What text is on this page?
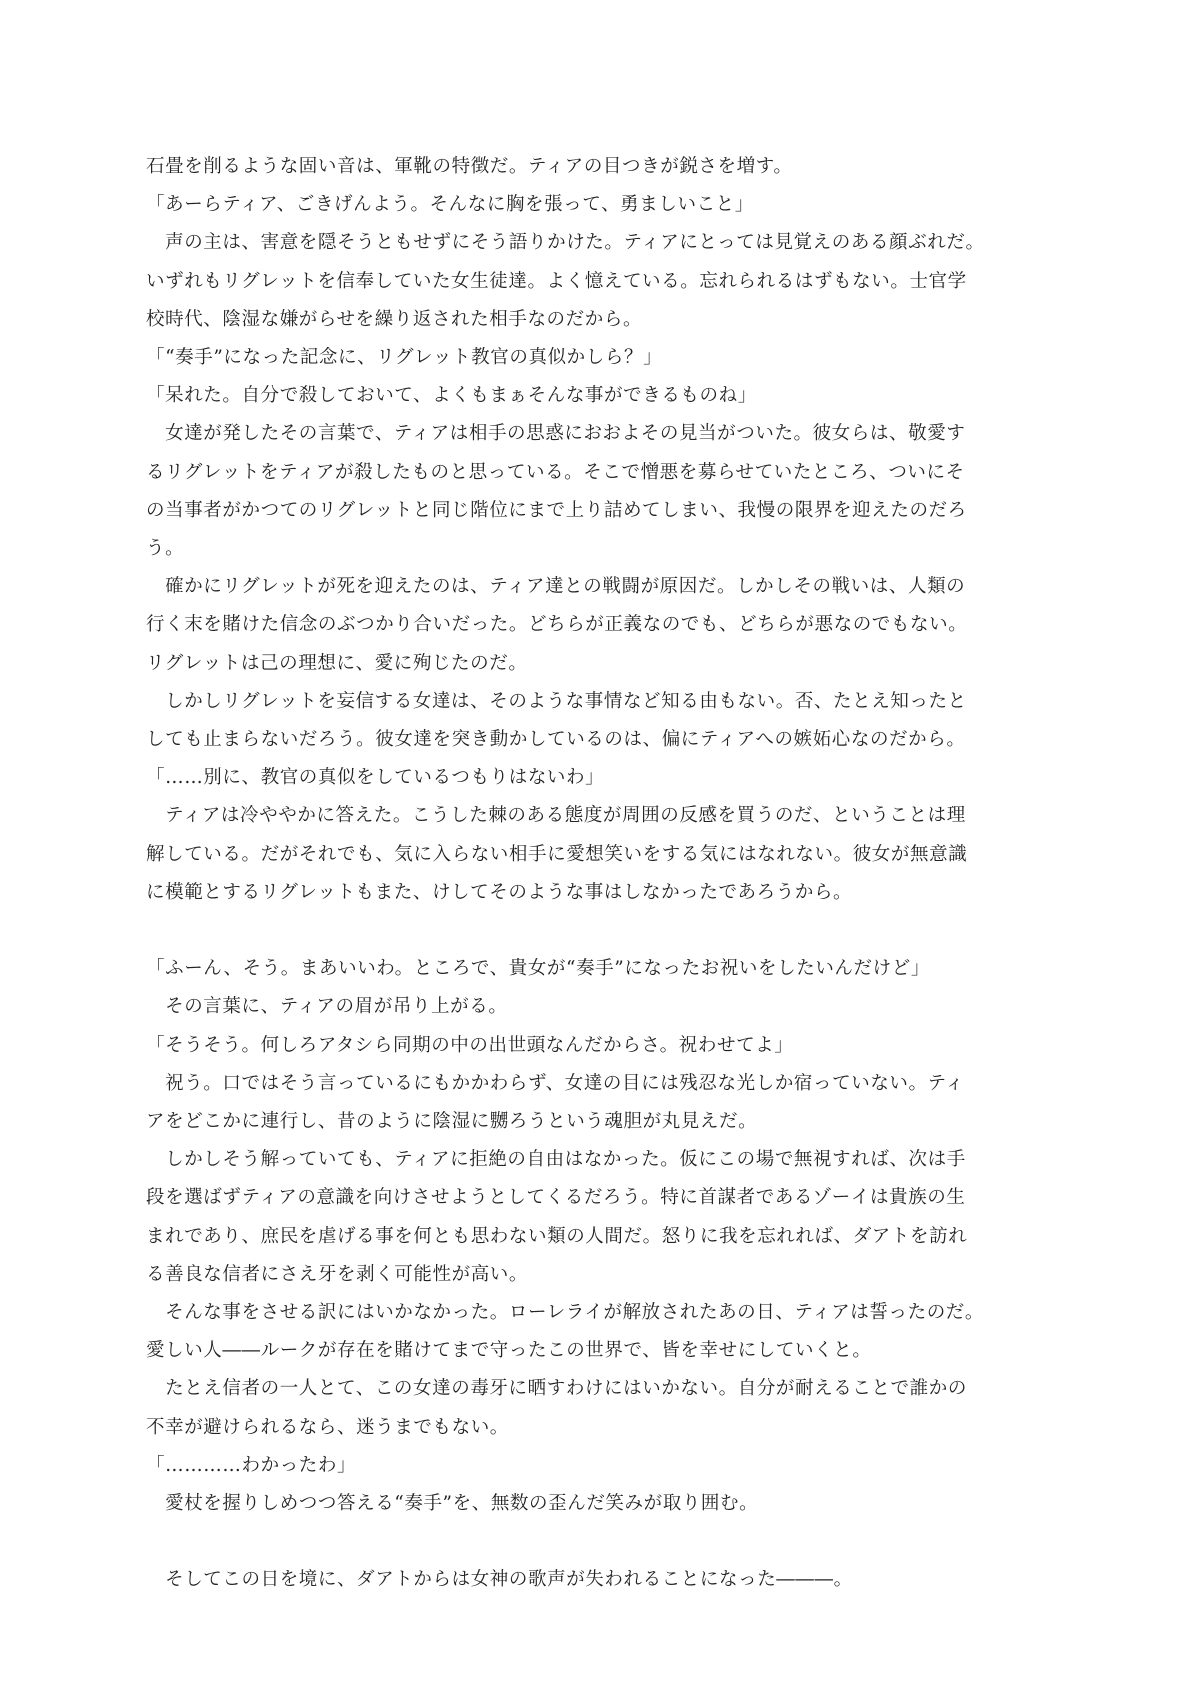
石畳を削るような固い音は、軍靴の特徴だ。ティアの目つきが鋭さを増す。
「あーらティア、ごきげんよう。そんなに胸を張って、勇ましいこと」
　声の主は、害意を隠そうともせずにそう語りかけた。ティアにとっては見覚えのある顔ぶれだ。
いずれもリグレットを信奉していた女生徒達。よく憶えている。忘れられるはずもない。士官学
校時代、陰湿な嫌がらせを繰り返された相手なのだから。
「“奏手”になった記念に、リグレット教官の真似かしら？」
「呆れた。自分で殺しておいて、よくもまぁそんな事ができるものね」
　女達が発したその言葉で、ティアは相手の思惑におおよその見当がついた。彼女らは、敬愛す
るリグレットをティアが殺したものと思っている。そこで憎悪を募らせていたところ、ついにそ
の当事者がかつてのリグレットと同じ階位にまで上り詰めてしまい、我慢の限界を迎えたのだろ
う。
　確かにリグレットが死を迎えたのは、ティア達との戦闘が原因だ。しかしその戦いは、人類の
行く末を賭けた信念のぶつかり合いだった。どちらが正義なのでも、どちらが悪なのでもない。
リグレットは己の理想に、愛に殉じたのだ。
　しかしリグレットを妄信する女達は、そのような事情など知る由もない。否、たとえ知ったと
しても止まらないだろう。彼女達を突き動かしているのは、偏にティアへの嫉妬心なのだから。
「……別に、教官の真似をしているつもりはないわ」
　ティアは冷ややかに答えた。こうした棘のある態度が周囲の反感を買うのだ、ということは理
解している。だがそれでも、気に入らない相手に愛想笑いをする気にはなれない。彼女が無意識
に模範とするリグレットもまた、けしてそのような事はしなかったであろうから。
「ふーん、そう。まあいいわ。ところで、貴女が“奏手”になったお祝いをしたいんだけど」
　その言葉に、ティアの眉が吊り上がる。
「そうそう。何しろアタシら同期の中の出世頭なんだからさ。祝わせてよ」
　祝う。口ではそう言っているにもかかわらず、女達の目には残忍な光しか宿っていない。ティ
アをどこかに連行し、昔のように陰湿に嬲ろうという魂胆が丸見えだ。
　しかしそう解っていても、ティアに拒絶の自由はなかった。仮にこの場で無視すれば、次は手
段を選ばずティアの意識を向けさせようとしてくるだろう。特に首謀者であるゾーイは貴族の生
まれであり、庶民を虐げる事を何とも思わない類の人間だ。怒りに我を忘れれば、ダアトを訪れ
る善良な信者にさえ牙を剥く可能性が高い。
　そんな事をさせる訳にはいかなかった。ローレライが解放されたあの日、ティアは誓ったのだ。
愛しい人――ルークが存在を賭けてまで守ったこの世界で、皆を幸せにしていくと。
　たとえ信者の一人とて、この女達の毒牙に晒すわけにはいかない。自分が耐えることで誰かの
不幸が避けられるなら、迷うまでもない。
「…………わかったわ」
　愛杖を握りしめつつ答える“奏手”を、無数の歪んだ笑みが取り囲む。
　そしてこの日を境に、ダアトからは女神の歌声が失われることになった―――。
